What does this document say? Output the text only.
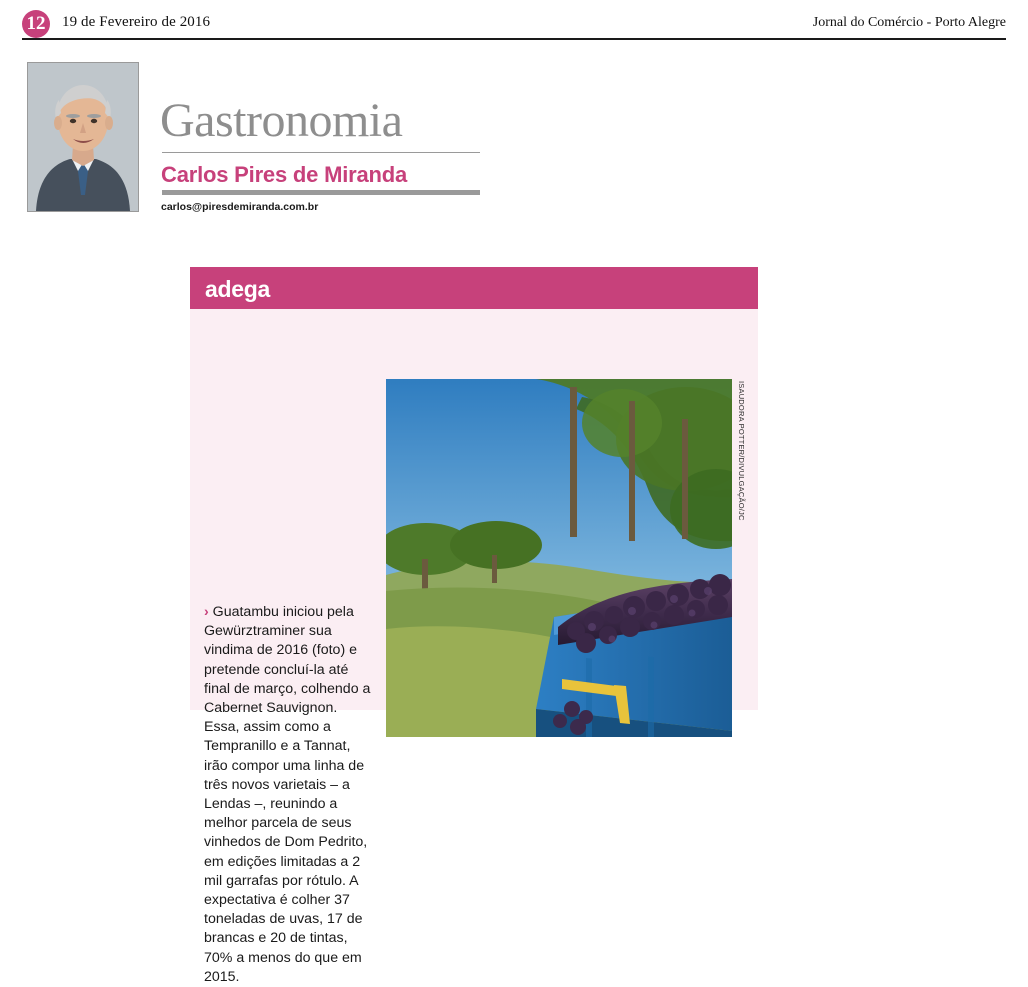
12	19 de Fevereiro de 2016	Jornal do Comércio - Porto Alegre
Gastronomia
Carlos Pires de Miranda
carlos@piresdemiranda.com.br
adega
› Guatambu iniciou pela Gewürztraminer sua vindima de 2016 (foto) e pretende concluí-la até final de março, colhendo a Cabernet Sauvignon. Essa, assim como a Tempranillo e a Tannat, irão compor uma linha de três novos varietais – a Lendas –, reunindo a melhor parcela de seus vinhedos de Dom Pedrito, em edições limitadas a 2 mil garrafas por rótulo. A expectativa é colher 37 toneladas de uvas, 17 de brancas e 20 de tintas, 70% a menos do que em 2015.
ISAUDORA POTTER/DIVULGAÇÃO/JC
